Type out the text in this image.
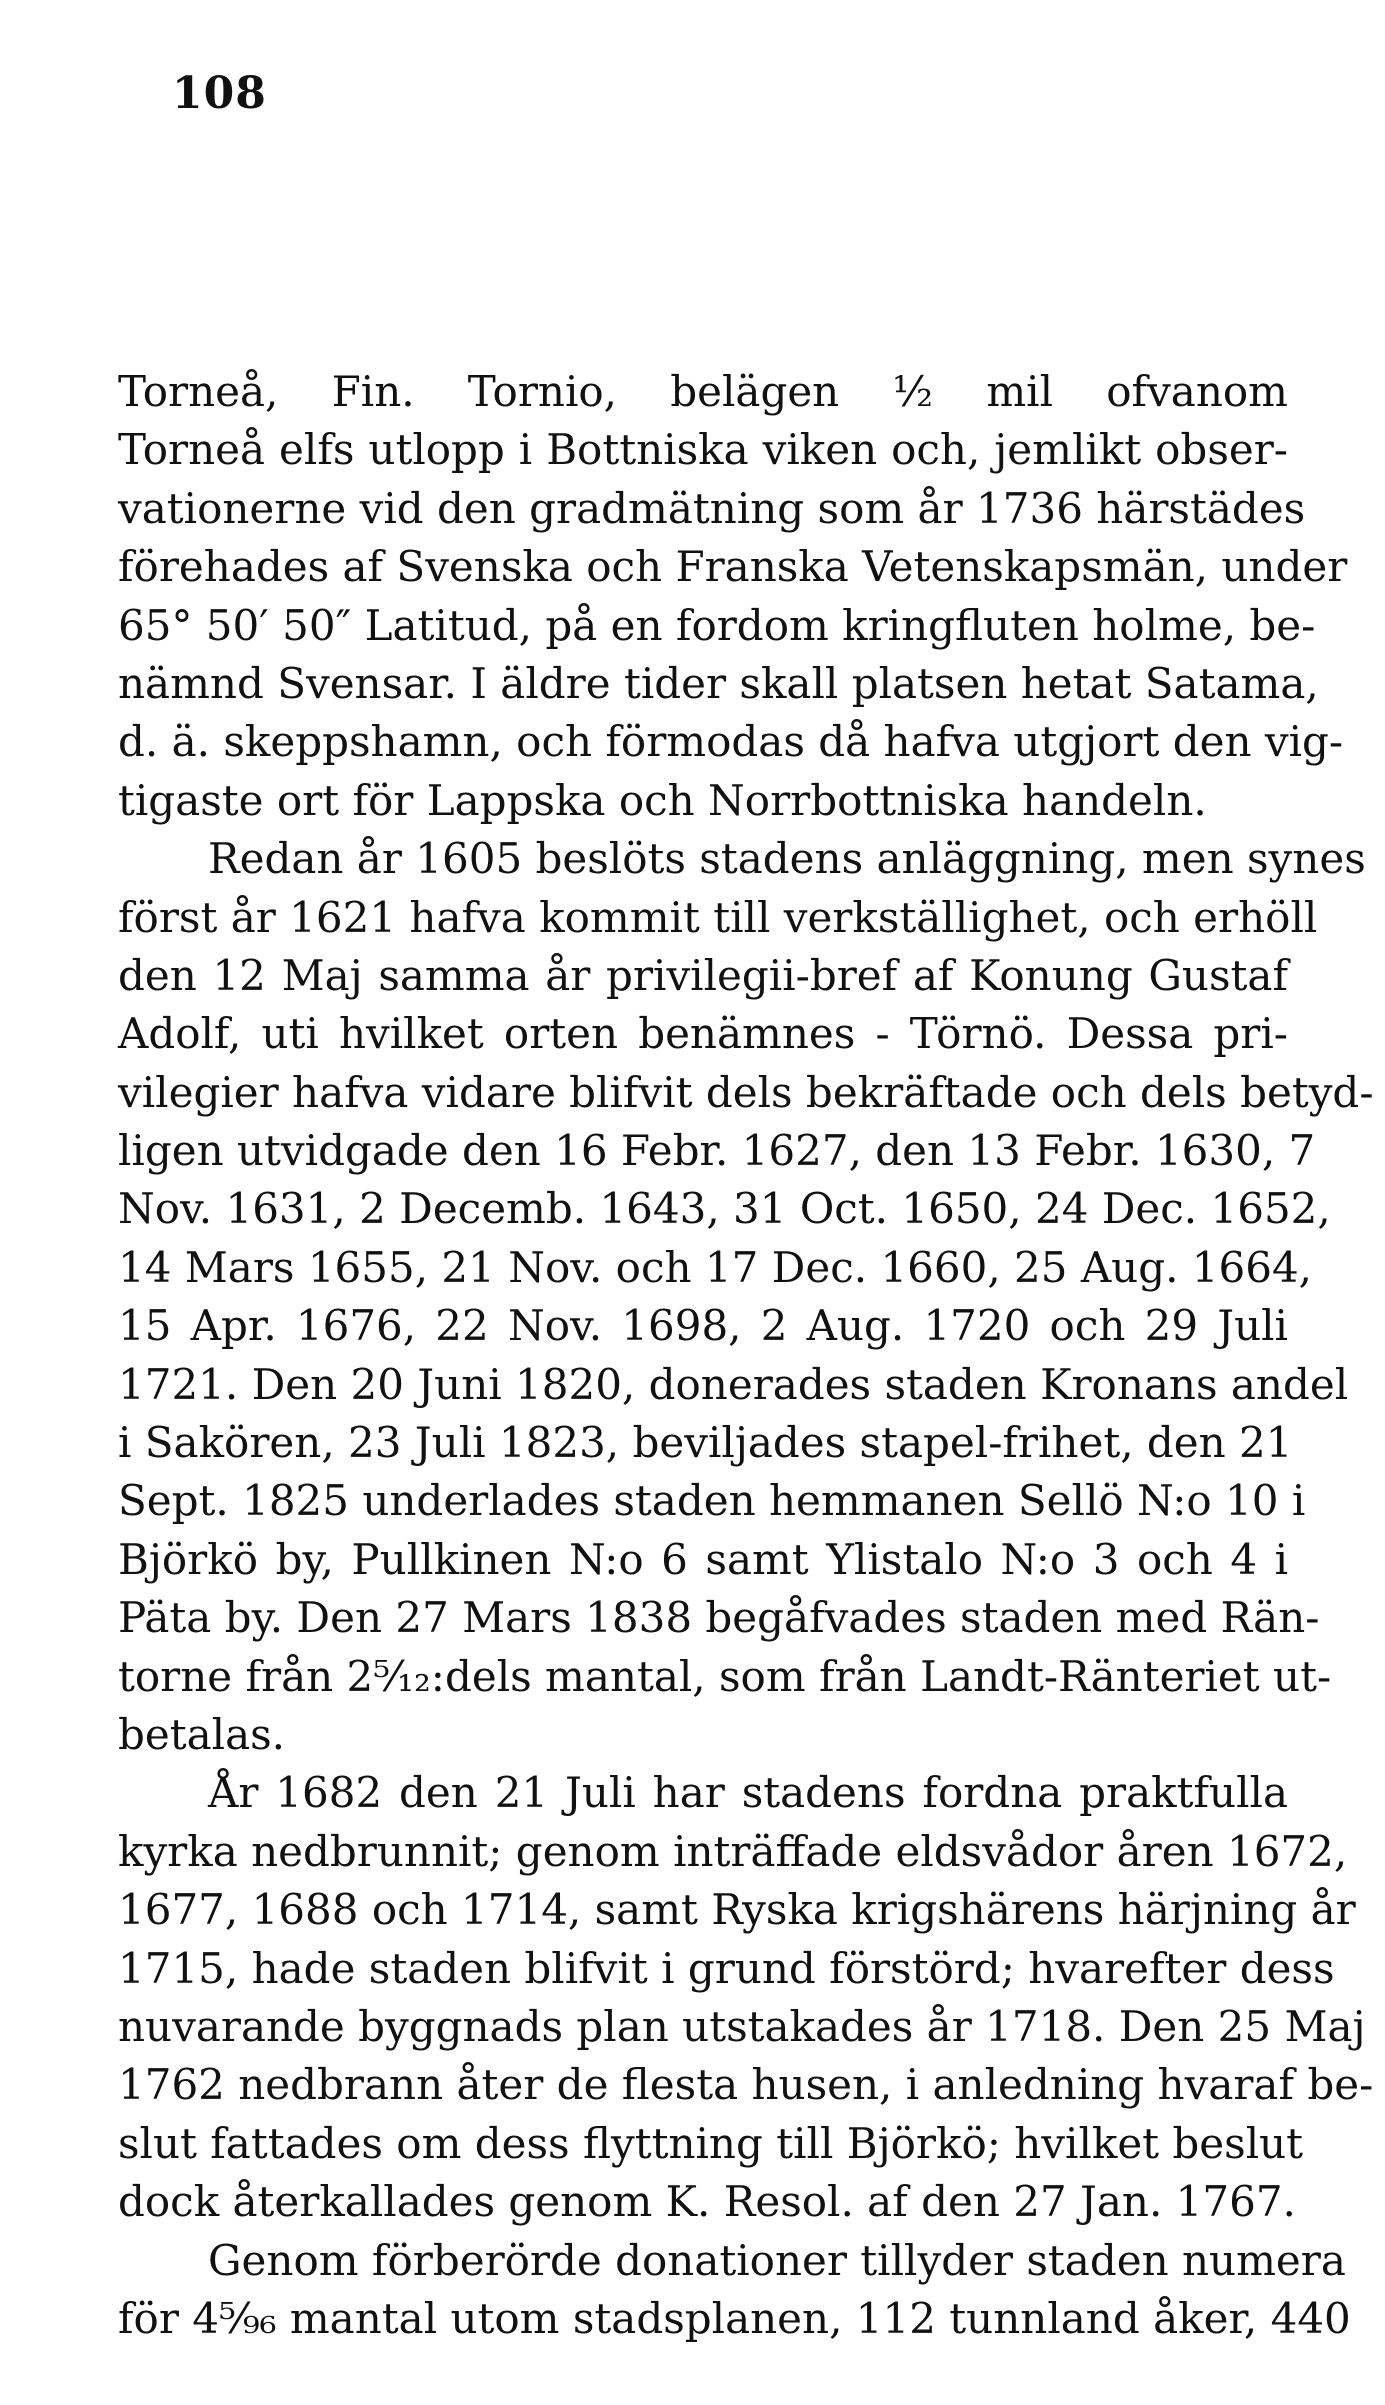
108
Torneå, Fin. Tornio, belägen ½ mil ofvanom
Torneå elfs utlopp i Bottniska viken och, jemlikt obser-
vationerne vid den gradmätning som år 1736 härstädes
förehades af Svenska och Franska Vetenskapsmän, under
65° 50′ 50″ Latitud, på en fordom kringfluten holme, be-
nämnd Svensar. I äldre tider skall platsen hetat Satama,
d. ä. skeppshamn, och förmodas då hafva utgjort den vig-
tigaste ort för Lappska och Norrbottniska handeln.
Redan år 1605 beslöts stadens anläggning, men synes
först år 1621 hafva kommit till verkställighet, och erhöll
den 12 Maj samma år privilegii-bref af Konung Gustaf
Adolf, uti hvilket orten benämnes - Törnö. Dessa pri-
vilegier hafva vidare blifvit dels bekräftade och dels betyd-
ligen utvidgade den 16 Febr. 1627, den 13 Febr. 1630, 7
Nov. 1631, 2 Decemb. 1643, 31 Oct. 1650, 24 Dec. 1652,
14 Mars 1655, 21 Nov. och 17 Dec. 1660, 25 Aug. 1664,
15 Apr. 1676, 22 Nov. 1698, 2 Aug. 1720 och 29 Juli
1721. Den 20 Juni 1820, donerades staden Kronans andel
i Sakören, 23 Juli 1823, beviljades stapel-frihet, den 21
Sept. 1825 underlades staden hemmanen Sellö N:o 10 i
Björkö by, Pullkinen N:o 6 samt Ylistalo N:o 3 och 4 i
Päta by. Den 27 Mars 1838 begåfvades staden med Rän-
torne från 2⁵⁄₁₂:dels mantal, som från Landt-Ränteriet ut-
betalas.
År 1682 den 21 Juli har stadens fordna praktfulla
kyrka nedbrunnit; genom inträffade eldsvådor åren 1672,
1677, 1688 och 1714, samt Ryska krigshärens härjning år
1715, hade staden blifvit i grund förstörd; hvarefter dess
nuvarande byggnads plan utstakades år 1718. Den 25 Maj
1762 nedbrann åter de flesta husen, i anledning hvaraf be-
slut fattades om dess flyttning till Björkö; hvilket beslut
dock återkallades genom K. Resol. af den 27 Jan. 1767.
Genom förberörde donationer tillyder staden numera
för 4⁵⁄₉₆ mantal utom stadsplanen, 112 tunnland åker, 440
